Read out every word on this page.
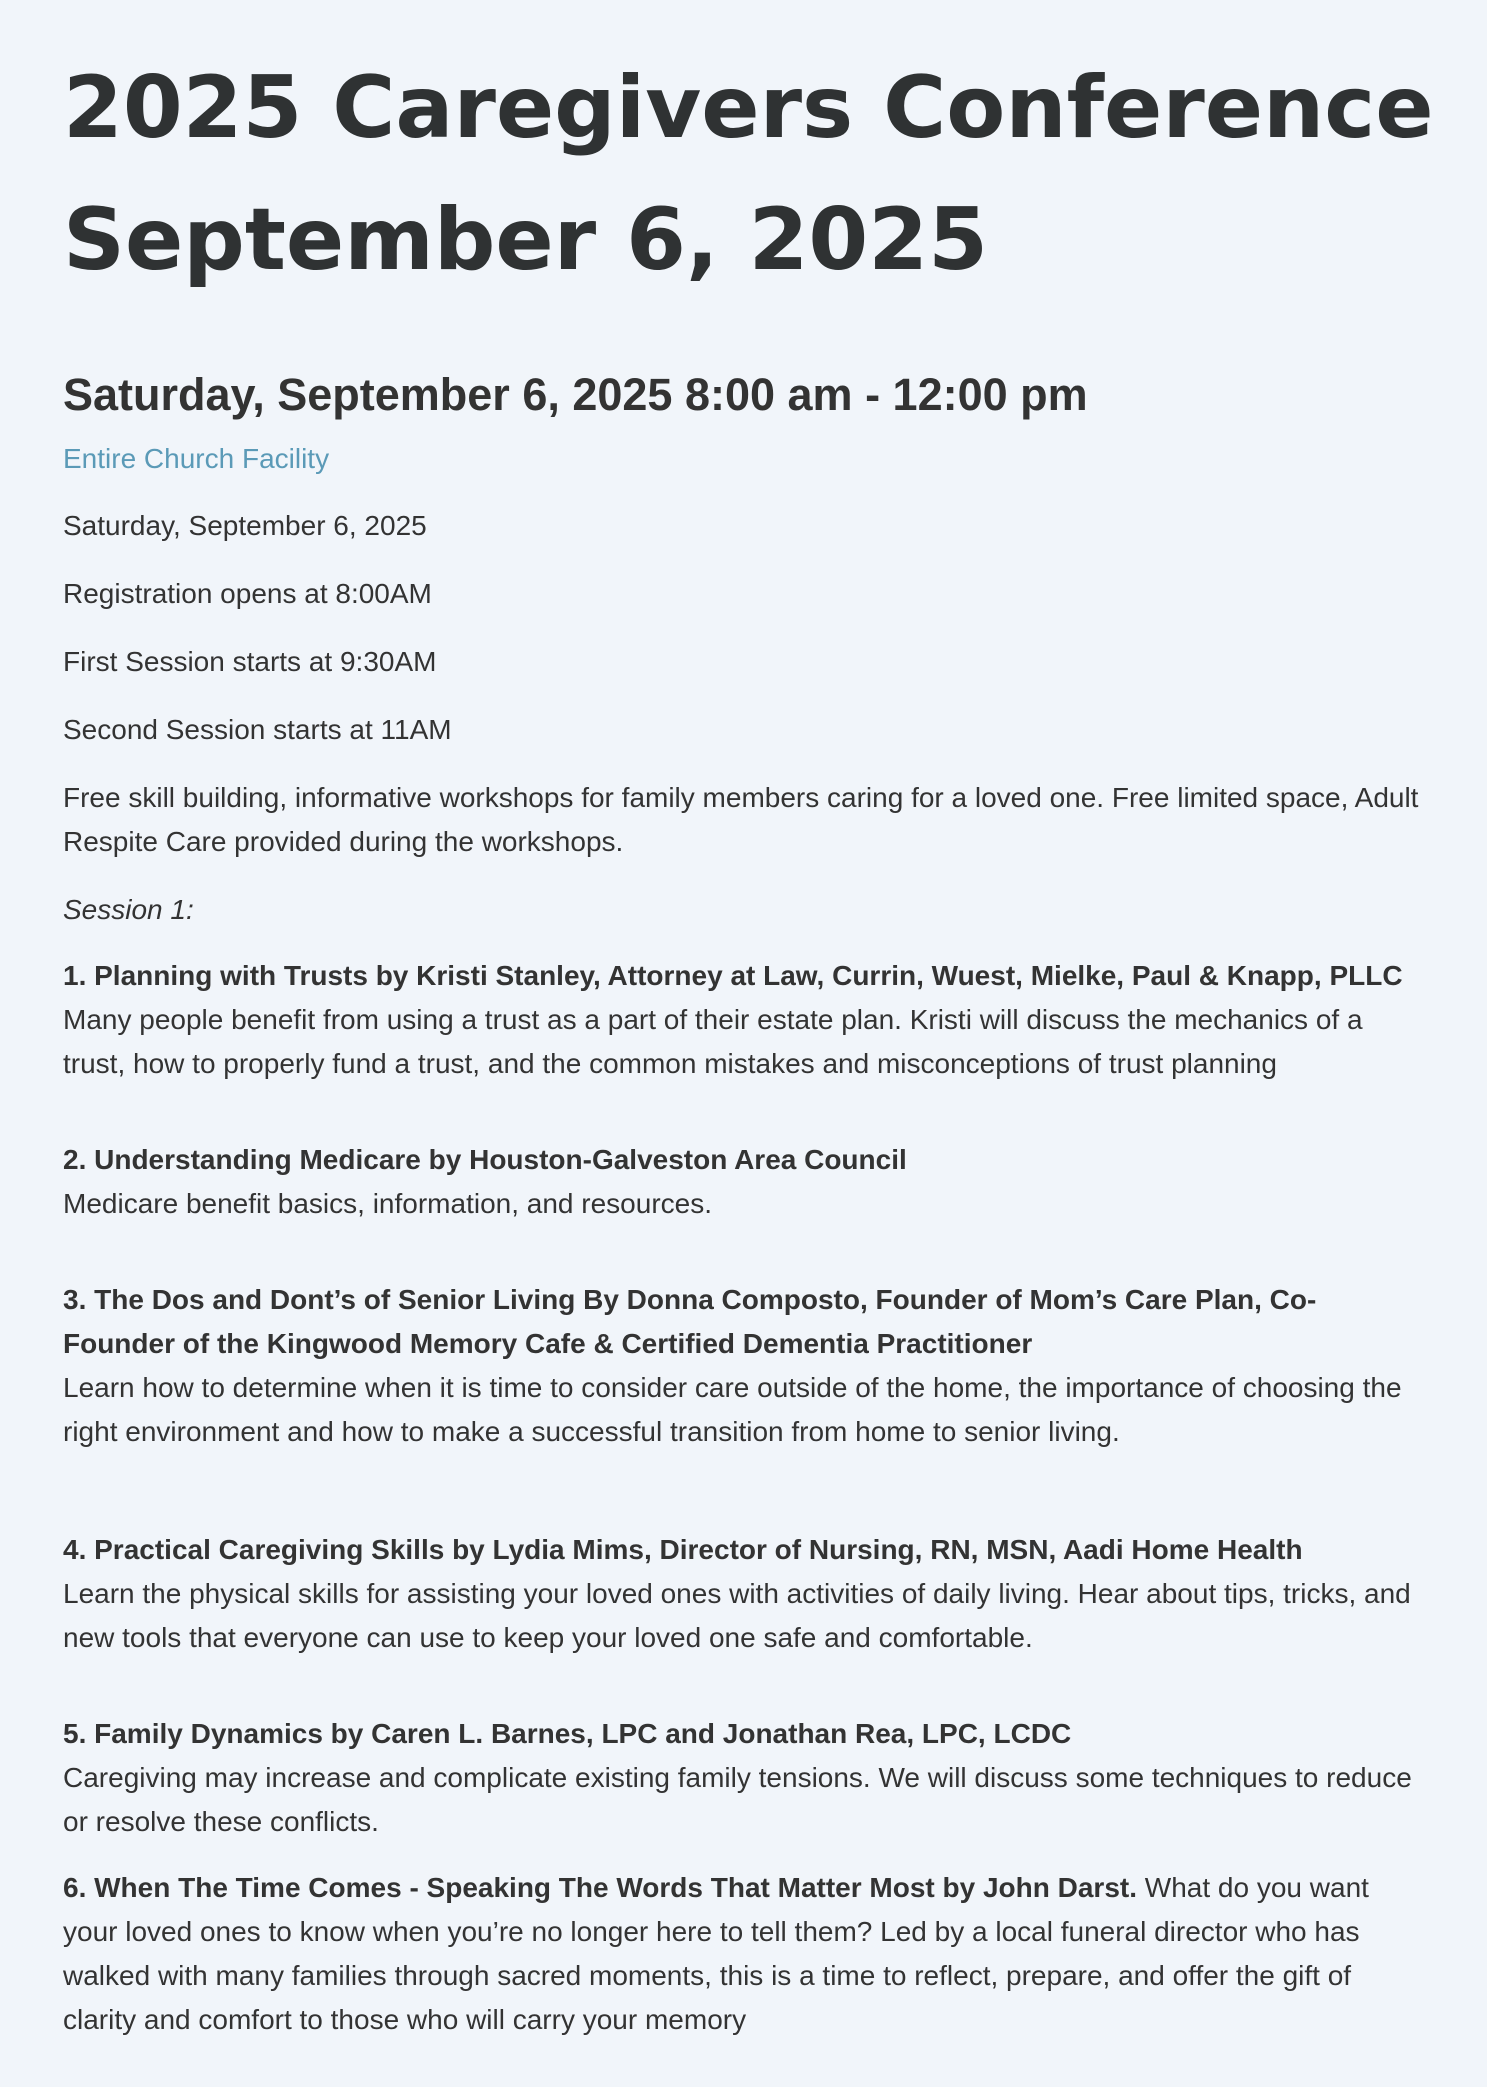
2025 Caregivers Conference
September 6, 2025
Saturday, September 6, 2025 8:00 am - 12:00 pm
Entire Church Facility

Saturday, September 6, 2025

Registration opens at 8:00AM

First Session starts at 9:30AM

Second Session starts at 11AM

Free skill building, informative workshops for family members caring for a loved one. Free limited space, Adult Respite Care provided during the workshops.

Session 1:

1. Planning with Trusts by Kristi Stanley, Attorney at Law, Currin, Wuest, Mielke, Paul & Knapp, PLLC

Many people benefit from using a trust as a part of their estate plan. Kristi will discuss the mechanics of a trust, how to properly fund a trust, and the common mistakes and misconceptions of trust planning

2. Understanding Medicare by Houston-Galveston Area Council

Medicare benefit basics, information, and resources.

3. The Dos and Dont’s of Senior Living By Donna Composto, Founder of Mom’s Care Plan, Co-Founder of the Kingwood Memory Cafe & Certified Dementia Practitioner

Learn how to determine when it is time to consider care outside of the home, the importance of choosing the right environment and how to make a successful transition from home to senior living.

4. Practical Caregiving Skills by Lydia Mims, Director of Nursing, RN, MSN, Aadi Home Health

Learn the physical skills for assisting your loved ones with activities of daily living. Hear about tips, tricks, and new tools that everyone can use to keep your loved one safe and comfortable.

5. Family Dynamics by Caren L. Barnes, LPC and Jonathan Rea, LPC, LCDC

Caregiving may increase and complicate existing family tensions. We will discuss some techniques to reduce or resolve these conflicts.

6. When The Time Comes - Speaking The Words That Matter Most by John Darst. What do you want your loved ones to know when you’re no longer here to tell them? Led by a local funeral director who has walked with many families through sacred moments, this is a time to reflect, prepare, and offer the gift of clarity and comfort to those who will carry your memory
